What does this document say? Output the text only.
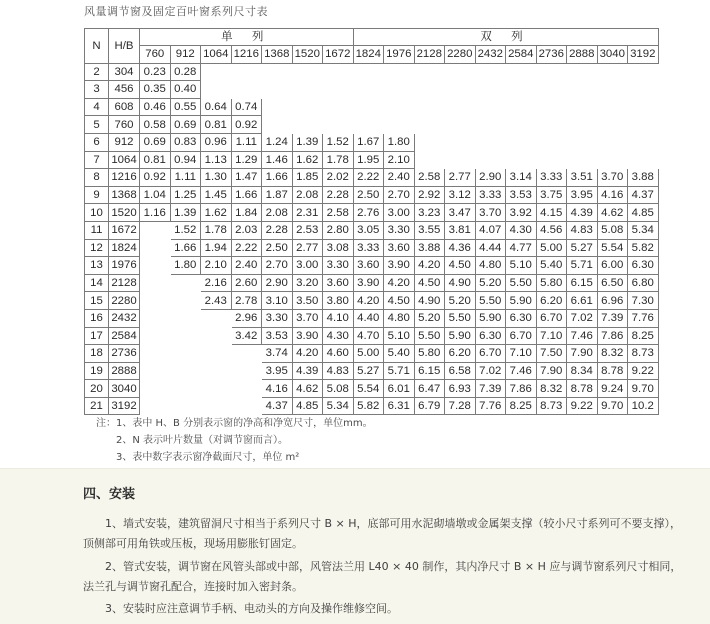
风量调节窗及固定百叶窗系列尺寸表
N	H/B	单 列							双 列									
		760	912	1064	1216	1368	1520	1672	1824	1976	2128	2280	2432	2584	2736	2888	3040	3192
2	304	0.23	0.28															
3	456	0.35	0.40															
4	608	0.46	0.55	0.64	0.74													
5	760	0.58	0.69	0.81	0.92													
6	912	0.69	0.83	0.96	1.11	1.24	1.39	1.52	1.67	1.80								
7	1064	0.81	0.94	1.13	1.29	1.46	1.62	1.78	1.95	2.10								
8	1216	0.92	1.11	1.30	1.47	1.66	1.85	2.02	2.22	2.40	2.58	2.77	2.90	3.14	3.33	3.51	3.70	3.88
9	1368	1.04	1.25	1.45	1.66	1.87	2.08	2.28	2.50	2.70	2.92	3.12	3.33	3.53	3.75	3.95	4.16	4.37
10	1520	1.16	1.39	1.62	1.84	2.08	2.31	2.58	2.76	3.00	3.23	3.47	3.70	3.92	4.15	4.39	4.62	4.85
11	1672		1.52	1.78	2.03	2.28	2.53	2.80	3.05	3.30	3.55	3.81	4.07	4.30	4.56	4.83	5.08	5.34
12	1824		1.66	1.94	2.22	2.50	2.77	3.08	3.33	3.60	3.88	4.36	4.44	4.77	5.00	5.27	5.54	5.82
13	1976		1.80	2.10	2.40	2.70	3.00	3.30	3.60	3.90	4.20	4.50	4.80	5.10	5.40	5.71	6.00	6.30
14	2128			2.16	2.60	2.90	3.20	3.60	3.90	4.20	4.50	4.90	5.20	5.50	5.80	6.15	6.50	6.80
15	2280			2.43	2.78	3.10	3.50	3.80	4.20	4.50	4.90	5.20	5.50	5.90	6.20	6.61	6.96	7.30
16	2432				2.96	3.30	3.70	4.10	4.40	4.80	5.20	5.50	5.90	6.30	6.70	7.02	7.39	7.76
17	2584				3.42	3.53	3.90	4.30	4.70	5.10	5.50	5.90	6.30	6.70	7.10	7.46	7.86	8.25
18	2736					3.74	4.20	4.60	5.00	5.40	5.80	6.20	6.70	7.10	7.50	7.90	8.32	8.73
19	2888					3.95	4.39	4.83	5.27	5.71	6.15	6.58	7.02	7.46	7.90	8.34	8.78	9.22
20	3040					4.16	4.62	5.08	5.54	6.01	6.47	6.93	7.39	7.86	8.32	8.78	9.24	9.70
21	3192					4.37	4.85	5.34	5.82	6.31	6.79	7.28	7.76	8.25	8.73	9.22	9.70	10.2
注：1、表中 H、B 分别表示窗的净高和净宽尺寸，单位mm。
2、N 表示叶片数量（对调节窗而言）。
3、表中数字表示窗净截面尺寸，单位 m²
四、安装
1、墙式安装，建筑留洞尺寸相当于系列尺寸 B × H，底部可用水泥砌墙墩或金属架支撑（较小尺寸系列可不要支撑），顶侧部可用角铁或压板，现场用膨胀钉固定。
2、管式安装，调节窗在风管头部或中部，风管法兰用 L40 × 40 制作，其内净尺寸 B × H 应与调节窗系列尺寸相同，法兰孔与调节窗孔配合，连接时加入密封条。
3、安装时应注意调节手柄、电动头的方向及操作维修空间。
